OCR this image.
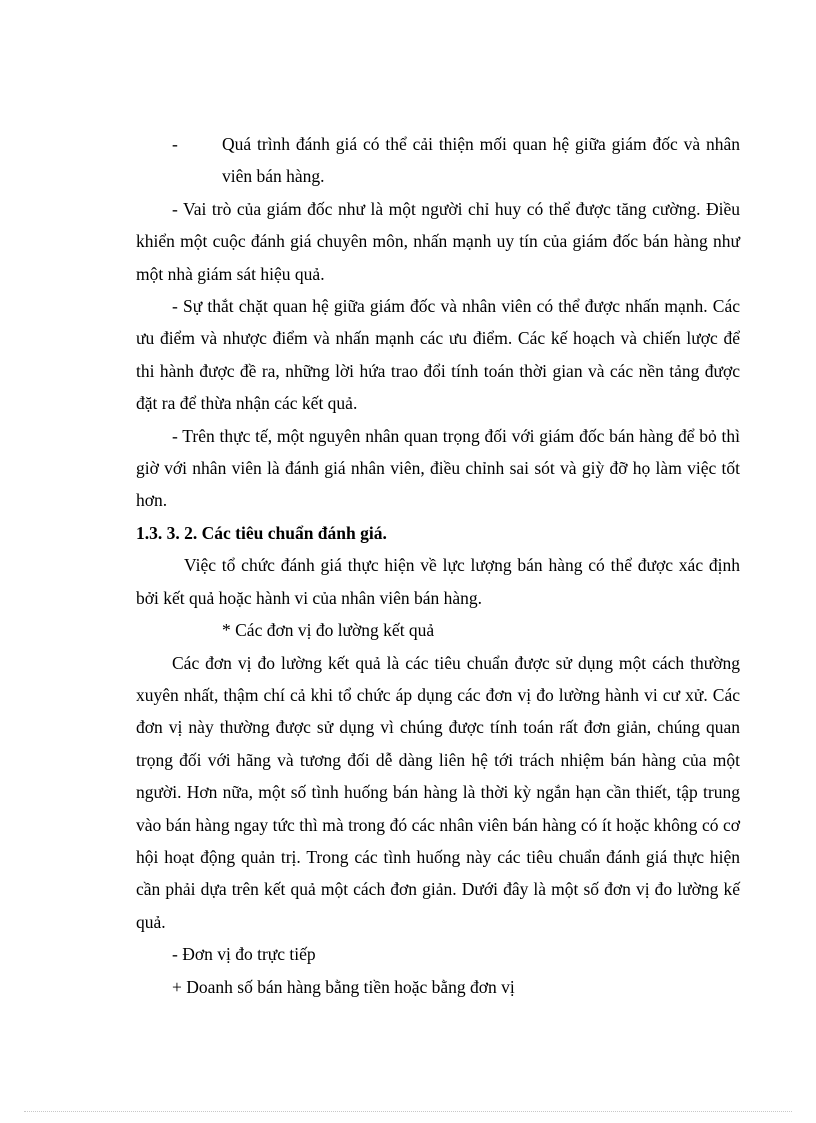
-	Quá trình đánh giá có thể cải thiện mối quan hệ giữa giám đốc và nhân viên bán hàng.

- Vai trò của giám đốc như là một người chỉ huy có thể được tăng cường. Điều khiển một cuộc đánh giá chuyên môn, nhấn mạnh uy tín của giám đốc bán hàng như một nhà giám sát hiệu quả.

- Sự thắt chặt quan hệ giữa giám đốc và nhân viên có thể được nhấn mạnh. Các ưu điểm và nhược điểm và nhấn mạnh các ưu điểm. Các kế hoạch và chiến lược để thi hành được đề ra, những lời hứa trao đổi tính toán thời gian và các nền tảng được đặt ra để thừa nhận các kết quả.

- Trên thực tế, một nguyên nhân quan trọng đối với giám đốc bán hàng để bỏ thì giờ với nhân viên là đánh giá nhân viên, điều chỉnh sai sót và giỳ đỡ họ làm việc tốt hơn.

1.3. 3. 2. Các tiêu chuẩn đánh giá.

Việc tổ chức đánh giá thực hiện về lực lượng bán hàng có thể được xác định bởi kết quả hoặc hành vi của nhân viên bán hàng.

* Các đơn vị đo lường kết quả

Các đơn vị đo lường kết quả là các tiêu chuẩn được sử dụng một cách thường xuyên nhất, thậm chí cả khi tổ chức áp dụng các đơn vị đo lường hành vi cư xử. Các đơn vị này thường được sử dụng vì chúng được tính toán rất đơn giản, chúng quan trọng đối với hãng và tương đối dễ dàng liên hệ tới trách nhiệm bán hàng của một người. Hơn nữa, một số tình huống bán hàng là thời kỳ ngắn hạn cần thiết, tập trung vào bán hàng ngay tức thì mà trong đó các nhân viên bán hàng có ít hoặc không có cơ hội hoạt động quản trị. Trong các tình huống này các tiêu chuẩn đánh giá thực hiện cần phải dựa trên kết quả một cách đơn giản. Dưới đây là một số đơn vị đo lường kế quả.

- Đơn vị đo trực tiếp

+ Doanh số bán hàng bằng tiền hoặc bằng đơn vị
